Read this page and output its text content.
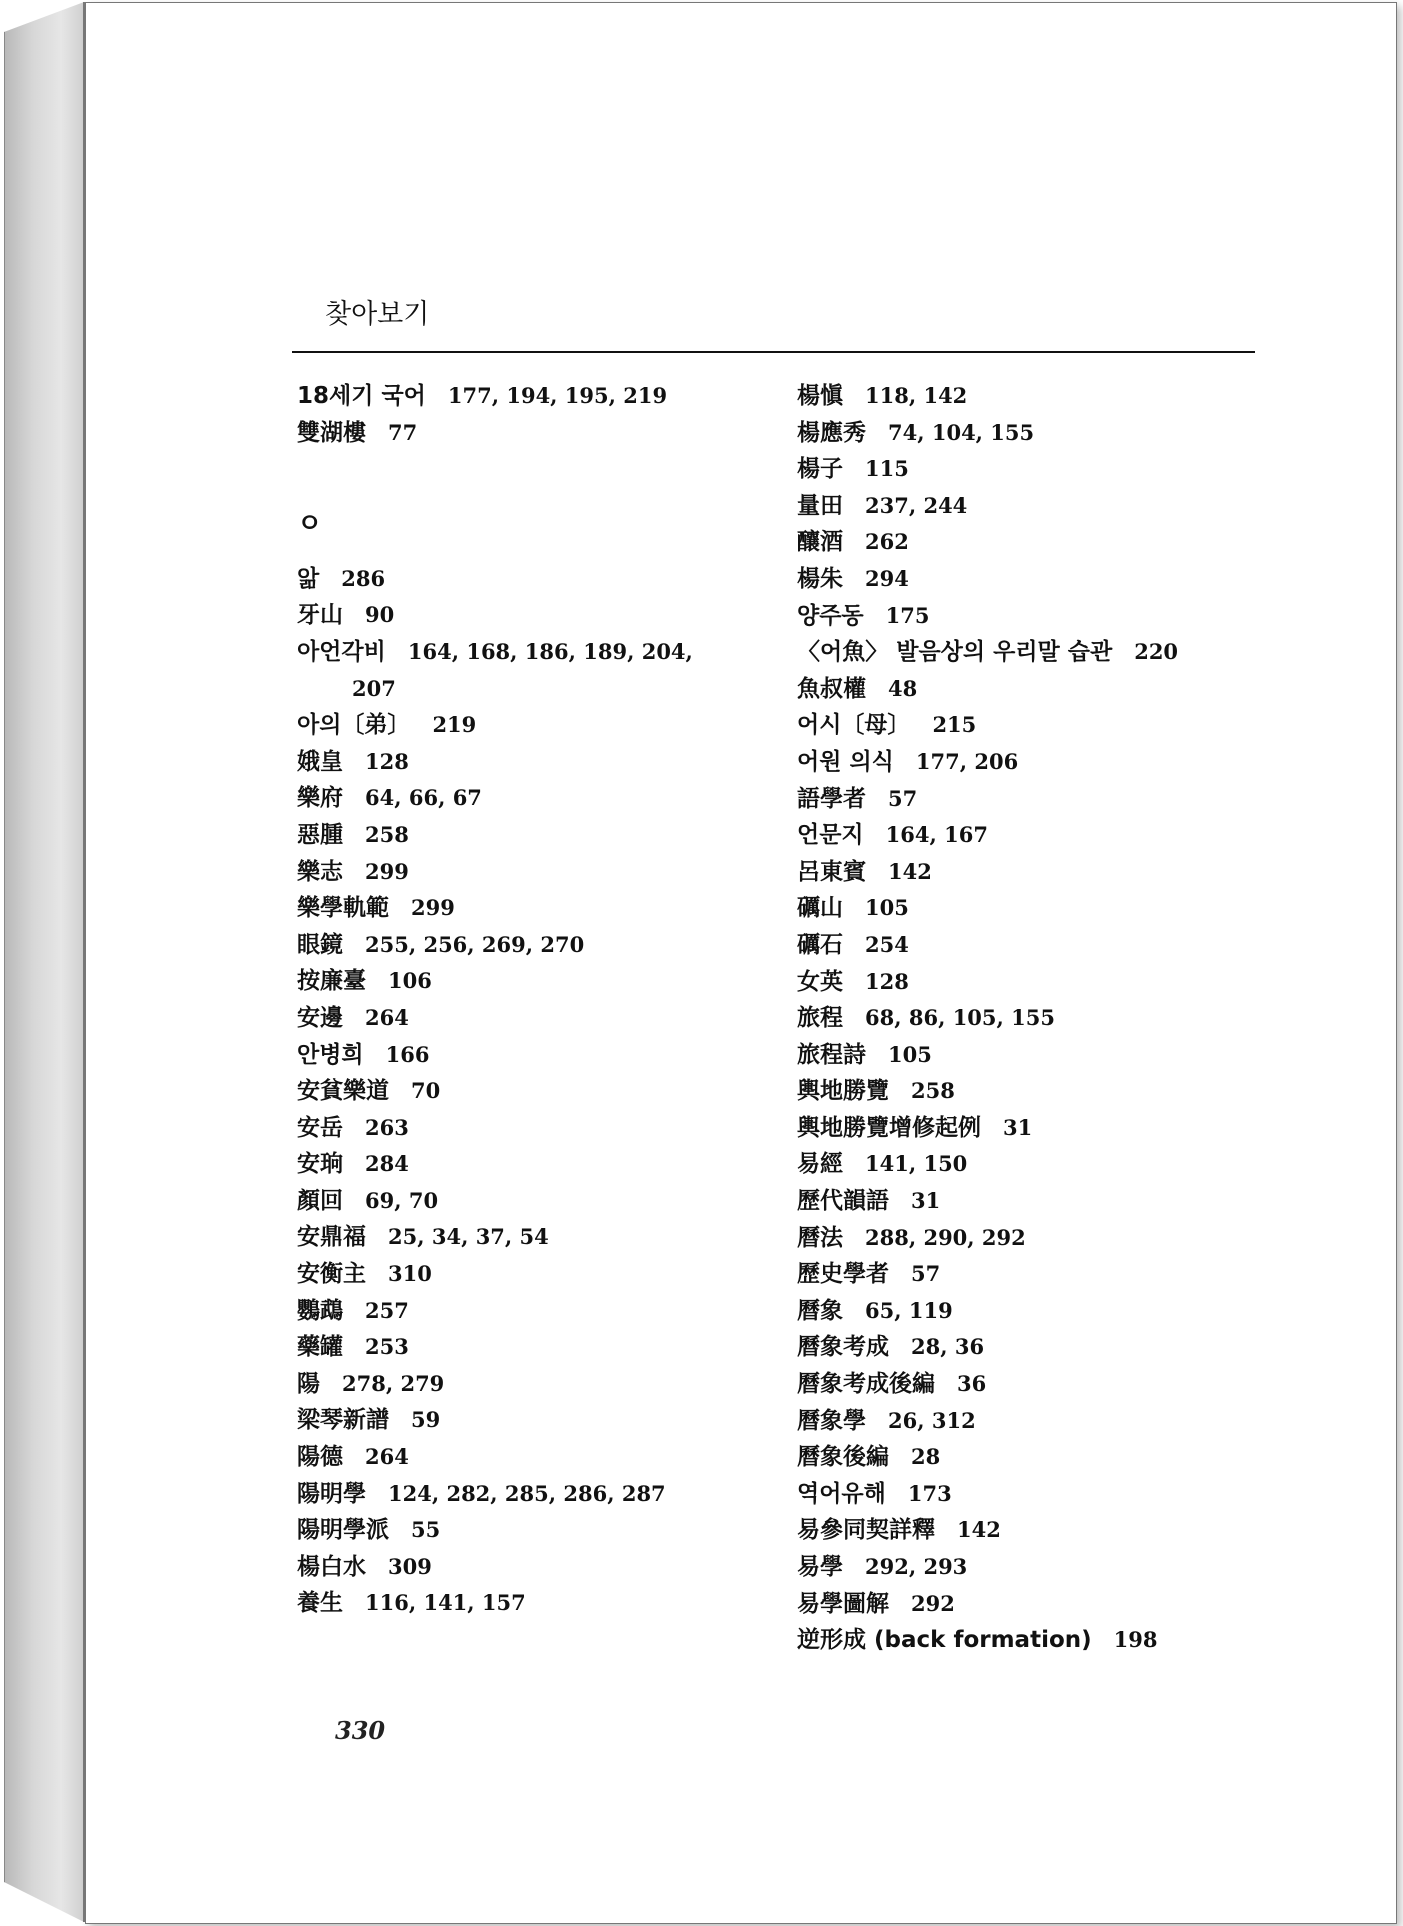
찾아보기
18세기 국어 177, 194, 195, 219
雙湖樓 77
ㅇ
앎 286
牙山 90
아언각비 164, 168, 186, 189, 204,
207
아의〔弟〕 219
娥皇 128
樂府 64, 66, 67
惡腫 258
樂志 299
樂學軌範 299
眼鏡 255, 256, 269, 270
按廉臺 106
安邊 264
안병희 166
安貧樂道 70
安岳 263
安珦 284
顏回 69, 70
安鼎福 25, 34, 37, 54
安衡主 310
鸚鵡 257
藥罐 253
陽 278, 279
梁琴新譜 59
陽德 264
陽明學 124, 282, 285, 286, 287
陽明學派 55
楊白水 309
養生 116, 141, 157
楊愼 118, 142
楊應秀 74, 104, 155
楊子 115
量田 237, 244
釀酒 262
楊朱 294
양주동 175
〈어魚〉 발음상의 우리말 습관 220
魚叔權 48
어시〔母〕 215
어원 의식 177, 206
語學者 57
언문지 164, 167
呂東賓 142
礪山 105
礪石 254
女英 128
旅程 68, 86, 105, 155
旅程詩 105
輿地勝覽 258
輿地勝覽增修起例 31
易經 141, 150
歷代韻語 31
曆法 288, 290, 292
歷史學者 57
曆象 65, 119
曆象考成 28, 36
曆象考成後編 36
曆象學 26, 312
曆象後編 28
역어유해 173
易參同契詳釋 142
易學 292, 293
易學圖解 292
逆形成 (back formation) 198
330
